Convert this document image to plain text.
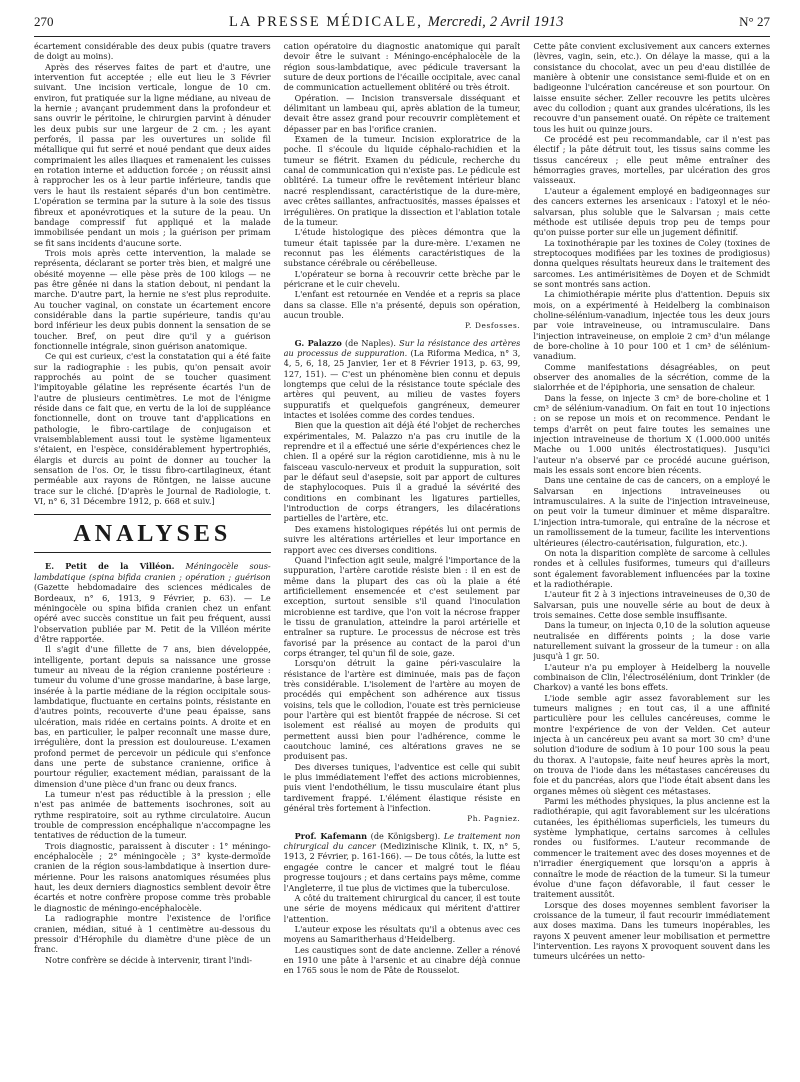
270	LA PRESSE MÉDICALE, Mercredi, 2 Avril 1913	N° 27

écartement considérable des deux pubis (quatre travers de doigt au moins).

Après des réserves faites de part et d'autre, une intervention fut acceptée ; elle eut lieu le 3 Février suivant. Une incision verticale, longue de 10 cm. environ, fut pratiquée sur la ligne médiane, au niveau de la hernie ; avançant prudemment dans la profondeur et sans ouvrir le péritoine, le chirurgien parvint à dénuder les deux pubis sur une largeur de 2 cm. ; les ayant perforés, il passa par les ouvertures un solide fil métallique qui fut serré et noué pendant que deux aides comprimaient les ailes iliaques et ramenaient les cuisses en rotation interne et adduction forcée ; on réussit ainsi à rapprocher les os à leur partie inférieure, tandis que vers le haut ils restaient séparés d'un bon centimètre. L'opération se termina par la suture à la soie des tissus fibreux et aponévrotiques et la suture de la peau. Un bandage compressif fut appliqué et la malade immobilisée pendant un mois ; la guérison per primam se fit sans incidents d'aucune sorte.

Trois mois après cette intervention, la malade se représenta, déclarant se porter très bien, et malgré une obésité moyenne — elle pèse près de 100 kilogs — ne pas être gênée ni dans la station debout, ni pendant la marche. D'autre part, la hernie ne s'est plus reproduite. Au toucher vaginal, on constate un écartement encore considérable dans la partie supérieure, tandis qu'au bord inférieur les deux pubis donnent la sensation de se toucher. Bref, on peut dire qu'il y a guérison fonctionnelle intégrale, sinon guérison anatomique.

Ce qui est curieux, c'est la constatation qui a été faite sur la radiographie : les pubis, qu'on pensait avoir rapprochés au point de se toucher quasiment l'impitoyable gélatine les représente écartés l'un de l'autre de plusieurs centimètres. Le mot de l'énigme réside dans ce fait que, en vertu de la loi de suppléance fonctionnelle, dont on trouve tant d'applications en pathologie, le fibro-cartilage de conjugaison et vraisemblablement aussi tout le système ligamenteux s'étaient, en l'espèce, considérablement hypertrophiés, élargis et durcis au point de donner au toucher la sensation de l'os. Or, le tissu fibro-cartilagineux, étant perméable aux rayons de Röntgen, ne laisse aucune trace sur le cliché. [D'après le Journal de Radiologie, t. VI, n° 6, 31 Décembre 1912, p. 668 et suiv.]

ANALYSES

E. Petit de la Villéon. Méningocèle sous-lambdatique (spina bifida cranien ; opération ; guérison (Gazette hebdomadaire des sciences médicales de Bordeaux, n° 6, 1913, 9 Février, p. 63). — Le méningocèle ou spina bifida cranien chez un enfant opéré avec succès constitue un fait peu fréquent, aussi l'observation publiée par M. Petit de la Villéon mérite d'être rapportée.

Il s'agit d'une fillette de 7 ans, bien développée, intelligente, portant depuis sa naissance une grosse tumeur au niveau de la région cranienne postérieure : tumeur du volume d'une grosse mandarine, à base large, insérée à la partie médiane de la région occipitale sous-lambdatique, fluctuante en certains points, résistante en d'autres points, recouverte d'une peau épaisse, sans ulcération, mais ridée en certains points. A droite et en bas, en particulier, le palper reconnaît une masse dure, irrégulière, dont la pression est douloureuse. L'examen profond permet de percevoir un pédicule qui s'enfonce dans une perte de substance cranienne, orifice à pourtour régulier, exactement médian, paraissant de la dimension d'une pièce d'un franc ou deux francs.

La tumeur n'est pas réductible à la pression ; elle n'est pas animée de battements isochrones, soit au rythme respiratoire, soit au rythme circulatoire. Aucun trouble de compression encéphalique n'accompagne les tentatives de réduction de la tumeur.

Trois diagnostic, paraissent à discuter : 1° méningo-encéphalocèle ; 2° méningocèle ; 3° kyste-dermoïde cranien de la région sous-lambdatique à insertion dure-mérienne. Pour les raisons anatomiques résumées plus haut, les deux derniers diagnostics semblent devoir être écartés et notre confrère propose comme très probable le diagnostic de méningo-encéphalocèle.

La radiographie montre l'existence de l'orifice cranien, médian, situé à 1 centimètre au-dessous du pressoir d'Hérophile du diamètre d'une pièce de un franc.

Notre confrère se décide à intervenir, tirant l'indi-

cation opératoire du diagnostic anatomique qui paraît devoir être le suivant : Méningo-encéphalocèle de la région sous-lambdatique, avec pédicule traversant la suture de deux portions de l'écaille occipitale, avec canal de communication actuellement oblitéré ou très étroit.

Opération. — Incision transversale disséquant et délimitant un lambeau qui, après ablation de la tumeur, devait être assez grand pour recouvrir complètement et dépasser par en bas l'orifice cranien.

Examen de la tumeur. Incision exploratrice de la poche. Il s'écoule du liquide céphalo-rachidien et la tumeur se flétrit. Examen du pédicule, recherche du canal de communication qui n'existe pas. Le pédicule est oblitéré. La tumeur offre le revêtement intérieur blanc nacré resplendissant, caractéristique de la dure-mère, avec crêtes saillantes, anfractuosités, masses épaisses et irrégulières. On pratique la dissection et l'ablation totale de la tumeur.

L'étude histologique des pièces démontra que la tumeur était tapissée par la dure-mère. L'examen ne reconnut pas les éléments caractéristiques de la substance cérébrale ou cérébelleuse.

L'opérateur se borna à recouvrir cette brèche par le péricrane et le cuir chevelu.

L'enfant est retournée en Vendée et a repris sa place dans sa classe. Elle n'a présenté, depuis son opération, aucun trouble.

P. Desfosses.

G. Palazzo (de Naples). Sur la résistance des artères au processus de suppuration. (La Riforma Medica, n° 3, 4, 5, 6, 18, 25 Janvier, 1er et 8 Février 1913, p. 63, 99, 127, 151). — C'est un phénomène bien connu et depuis longtemps que celui de la résistance toute spéciale des artères qui peuvent, au milieu de vastes foyers suppuratifs et quelquefois gangréneux, demeurer intactes et isolées comme des cordes tendues.

Bien que la question ait déjà été l'objet de recherches expérimentales, M. Palazzo n'a pas cru inutile de la reprendre et il a effectué une série d'expériences chez le chien. Il a opéré sur la région carotidienne, mis à nu le faisceau vasculo-nerveux et produit la suppuration, soit par le défaut seul d'asepsie, soit par apport de cultures de staphylocoques. Puis il a gradué la sévérité des conditions en combinant les ligatures partielles, l'introduction de corps étrangers, les dilacérations partielles de l'artère, etc.

Des examens histologiques répétés lui ont permis de suivre les altérations artérielles et leur importance en rapport avec ces diverses conditions.

Quand l'infection agit seule, malgré l'importance de la suppuration, l'artère carotide résiste bien : il en est de même dans la plupart des cas où la plaie a été artificiellement ensemencée et c'est seulement par exception, surtout sensible s'il quand l'inoculation microbienne est tardive, que l'on voit la nécrose frapper le tissu de granulation, atteindre la paroi artérielle et entraîner sa rupture. Le processus de nécrose est très favorisé par la présence au contact de la paroi d'un corps étranger, tel qu'un fil de soie, gaze.

Lorsqu'on détruit la gaine péri-vasculaire la résistance de l'artère est diminuée, mais pas de façon très considérable. L'isolement de l'artère au moyen de procédés qui empêchent son adhérence aux tissus voisins, tels que le collodion, l'ouate est très pernicieuse pour l'artère qui est bientôt frappée de nécrose. Si cet isolement est réalisé au moyen de produits qui permettent aussi bien pour l'adhérence, comme le caoutchouc laminé, ces altérations graves ne se produisent pas.

Des diverses tuniques, l'adventice est celle qui subit le plus immédiatement l'effet des actions microbiennes, puis vient l'endothélium, le tissu musculaire étant plus tardivement frappé. L'élément élastique résiste en général très fortement à l'infection.

Ph. Pagniez.

Prof. Kafemann (de Königsberg). Le traitement non chirurgical du cancer (Medizinische Klinik, t. IX, n° 5, 1913, 2 Février, p. 161-166). — De tous côtés, la lutte est engagée contre le cancer et malgré tout le fléau progresse toujours ; et dans certains pays même, comme l'Angleterre, il tue plus de victimes que la tuberculose.

A côté du traitement chirurgical du cancer, il est toute une série de moyens médicaux qui méritent d'attirer l'attention.

L'auteur expose les résultats qu'il a obtenus avec ces moyens au Samaritherhaus d'Heidelberg.

Les caustiques sont de date ancienne. Zeller a rénové en 1910 une pâte à l'arsenic et au cinabre déjà connue en 1765 sous le nom de Pâte de Rousselot.

Cette pâte convient exclusivement aux cancers externes (lèvres, vagin, sein, etc.). On délaye la masse, qui a la consistance du chocolat, avec un peu d'eau distillée de manière à obtenir une consistance semi-fluide et on en badigeonne l'ulcération cancéreuse et son pourtour. On laisse ensuite sécher. Zeller recouvre les petits ulcères avec du collodion ; quant aux grandes ulcérations, ils les recouvre d'un pansement ouaté. On répète ce traitement tous les huit ou quinze jours.

Ce procédé est peu recommandable, car il n'est pas électif ; la pâte détruit tout, les tissus sains comme les tissus cancéreux ; elle peut même entraîner des hémorragies graves, mortelles, par ulcération des gros vaisseaux.

L'auteur a également employé en badigeonnages sur des cancers externes les arsenicaux : l'atoxyl et le néo-salvarsan, plus soluble que le Salvarsan ; mais cette méthode est utilisée depuis trop peu de temps pour qu'on puisse porter sur elle un jugement définitif.

La toxinothérapie par les toxines de Coley (toxines de streptocoques modifiées par les toxines de prodigiosus) donna quelques résultats heureux dans le traitement des sarcomes. Les antimérisitèmes de Doyen et de Schmidt se sont montrés sans action.

La chimiothérapie mérite plus d'attention. Depuis six mois, on a expérimenté à Heidelberg la combinaison choline-sélénium-vanadium, injectée tous les deux jours par voie intraveineuse, ou intramusculaire. Dans l'injection intraveineuse, on emploie 2 cm³ d'un mélange de bore-choline à 10 pour 100 et 1 cm³ de sélénium-vanadium.

Comme manifestations désagréables, on peut observer des anomalies de la sécrétion, comme de la sialorrhée et de l'épiphoria, une sensation de chaleur.

Dans la fesse, on injecte 3 cm³ de bore-choline et 1 cm³ de sélénium-vanadium. On fait en tout 10 injections : on se repose un mois et on recommence. Pendant le temps d'arrêt on peut faire toutes les semaines une injection intraveineuse de thorium X (1.000.000 unités Mache ou 1.000 unités électrostatiques). Jusqu'ici l'auteur n'a observé par ce procédé aucune guérison, mais les essais sont encore bien récents.

Dans une centaine de cas de cancers, on a employé le Salvarsan en injections intraveineuses ou intramusculaires. A la suite de l'injection intraveineuse, on peut voir la tumeur diminuer et même disparaître. L'injection intra-tumorale, qui entraîne de la nécrose et un ramollissement de la tumeur, facilite les interventions ultérieures (électro-cautérisation, fulguration, etc.).

On nota la disparition complète de sarcome à cellules rondes et à cellules fusiformes, tumeurs qui d'ailleurs sont également favorablement influencées par la toxine et la radiothérapie.

L'auteur fit 2 à 3 injections intraveineuses de 0,30 de Salvarsan, puis une nouvelle série au bout de deux à trois semaines. Cette dose semble insuffisante.

Dans la tumeur, on injecta 0,10 de la solution aqueuse neutralisée en différents points ; la dose varie naturellement suivant la grosseur de la tumeur : on alla jusqu'à 1 gr. 50.

L'auteur n'a pu employer à Heidelberg la nouvelle combinaison de Clin, l'électrosélénium, dont Trinkler (de Charkov) a vanté les bons effets.

L'iode semble agir assez favorablement sur les tumeurs malignes ; en tout cas, il a une affinité particulière pour les cellules cancéreuses, comme le montre l'expérience de von der Velden. Cet auteur injecta à un cancéreux peu avant sa mort 30 cm³ d'une solution d'iodure de sodium à 10 pour 100 sous la peau du thorax. A l'autopsie, faite neuf heures après la mort, on trouva de l'iode dans les métastases cancéreuses du foie et du pancréas, alors que l'iode était absent dans les organes mêmes où siègent ces métastases.

Parmi les méthodes physiques, la plus ancienne est la radiothérapie, qui agit favorablement sur les ulcérations cutanées, les épithéliomas superficiels, les tumeurs du système lymphatique, certains sarcomes à cellules rondes ou fusiformes. L'auteur recommande de commencer le traitement avec des doses moyennes et de n'irradier énergiquement que lorsqu'on a appris à connaître le mode de réaction de la tumeur. Si la tumeur évolue d'une façon défavorable, il faut cesser le traitement aussitôt.

Lorsque des doses moyennes semblent favoriser la croissance de la tumeur, il faut recourir immédiatement aux doses maxima. Dans les tumeurs inopérables, les rayons X peuvent amener leur mobilisation et permettre l'intervention. Les rayons X provoquent souvent dans les tumeurs ulcérées un netto-
